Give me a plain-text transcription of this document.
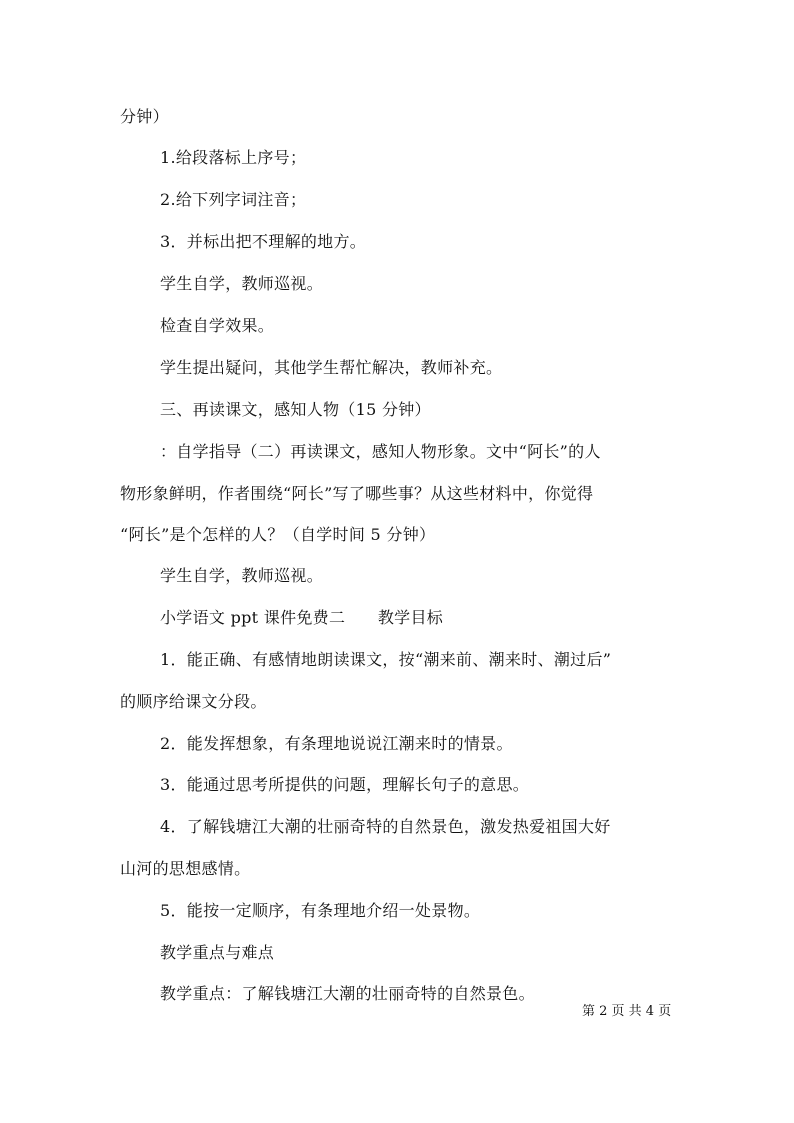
分钟）

1.给段落标上序号；

2.给下列字词注音；

3．并标出把不理解的地方。

学生自学，教师巡视。

检查自学效果。

学生提出疑问，其他学生帮忙解决，教师补充。

三、再读课文，感知人物（15 分钟）

：自学指导（二）再读课文，感知人物形象。文中“阿长”的人

物形象鲜明，作者围绕“阿长”写了哪些事？从这些材料中，你觉得

“阿长”是个怎样的人？（自学时间 5 分钟）

学生自学，教师巡视。

小学语文 ppt 课件免费二　　教学目标

1．能正确、有感情地朗读课文，按“潮来前、潮来时、潮过后”

的顺序给课文分段。

2．能发挥想象，有条理地说说江潮来时的情景。

3．能通过思考所提供的问题，理解长句子的意思。

4．了解钱塘江大潮的壮丽奇特的自然景色，激发热爱祖国大好

山河的思想感情。

5．能按一定顺序，有条理地介绍一处景物。

教学重点与难点

教学重点：了解钱塘江大潮的壮丽奇特的自然景色。

第 2 页 共 4 页
